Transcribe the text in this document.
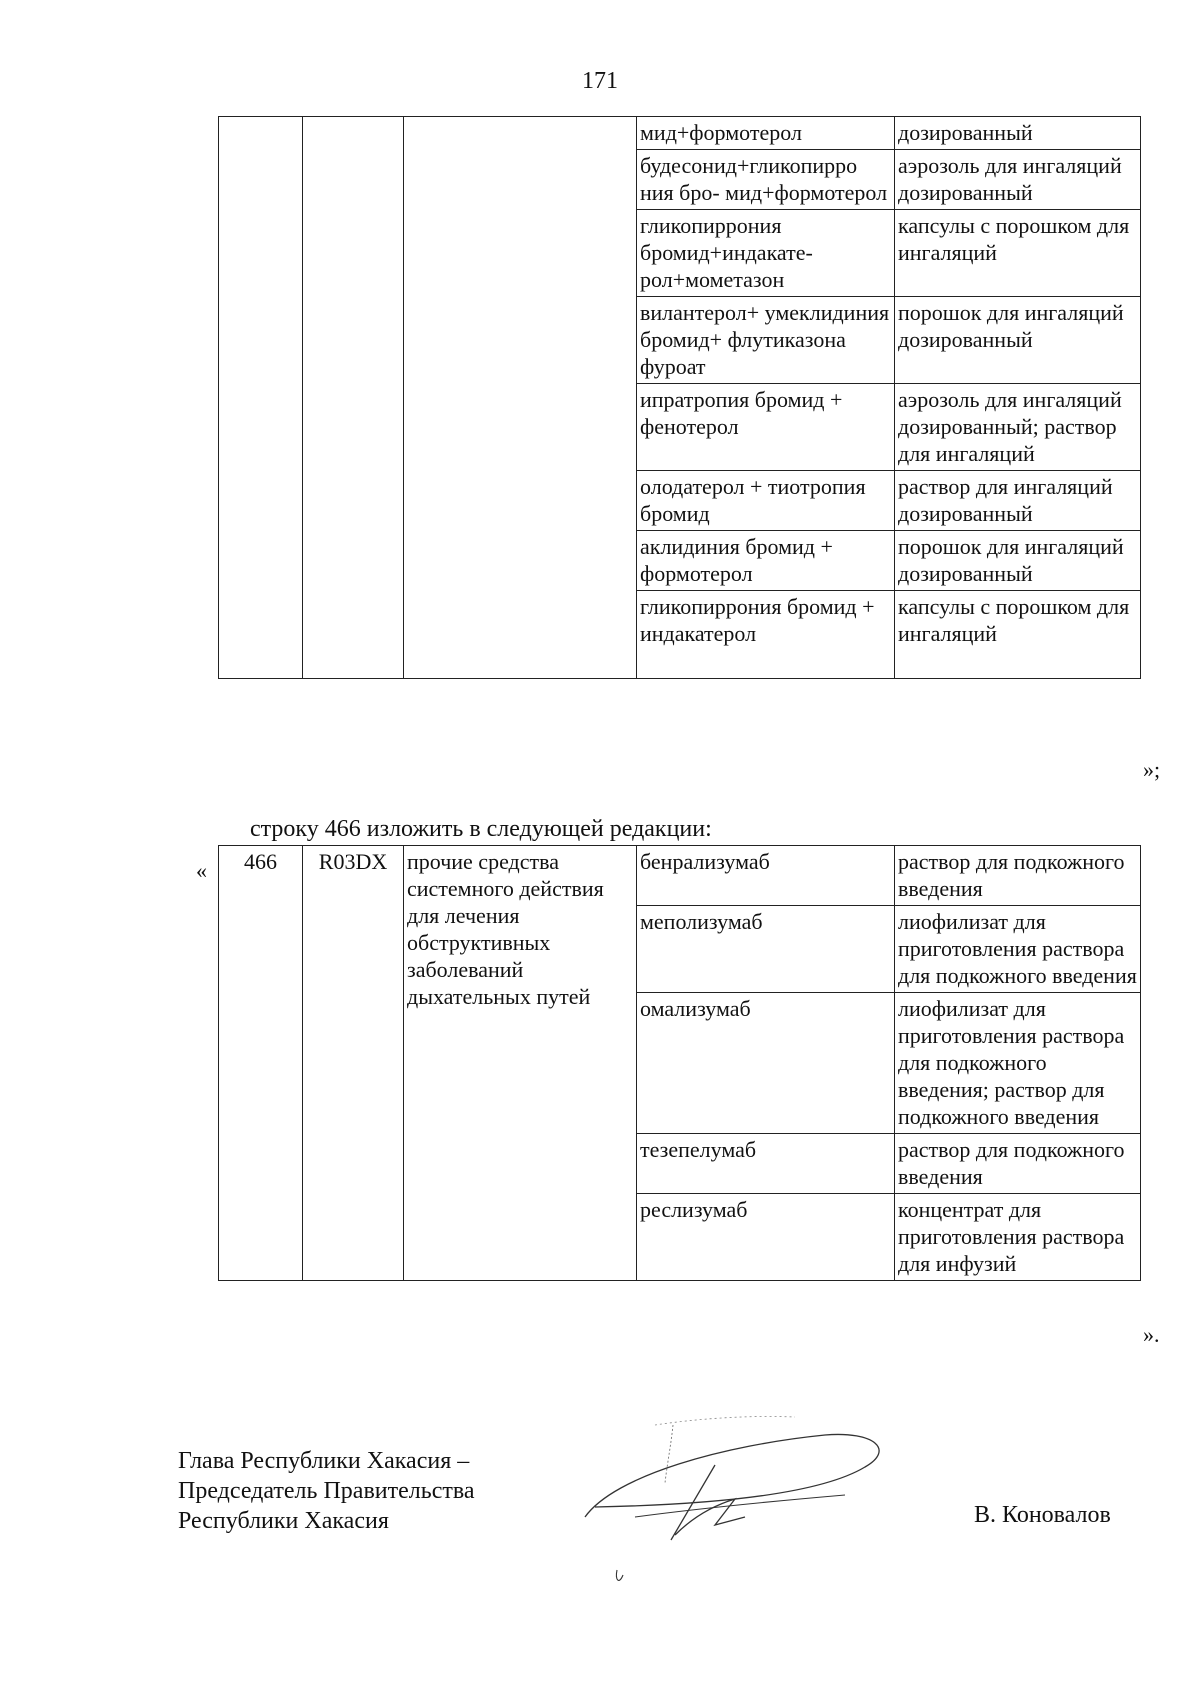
171
			мид+формотерол	дозированный
			будесонид+гликопирро ния бро- мид+формотерол	аэрозоль для ингаляций дозированный
			гликопиррония бромид+индакате- рол+мометазон	капсулы с порошком для ингаляций
			вилантерол+ умеклидиния бромид+ флутиказона фуроат	порошок для ингаляций дозированный
			ипратропия бромид + фенотерол	аэрозоль для ингаляций дозированный; раствор для ингаляций
			олодатерол + тиотропия бромид	раствор для ингаляций дозированный
			аклидиния бромид + формотерол	порошок для ингаляций дозированный
			гликопиррония бромид + индакатерол	капсулы с порошком для ингаляций
»;
строку 466 изложить в следующей редакции:
« 466	R03DX	прочие средства системного действия для лечения обструктивных заболеваний дыхательных путей	бенрализумаб	раствор для подкожного введения
			меполизумаб	лиофилизат для приготовления раствора для подкожного введения
			омализумаб	лиофилизат для приготовления раствора для подкожного введения; раствор для подкожного введения
			тезепелумаб	раствор для подкожного введения
			реслизумаб	концентрат для приготовления раствора для инфузий
».
Глава Республики Хакасия –
Председатель Правительства
Республики Хакасия	В. Коновалов
